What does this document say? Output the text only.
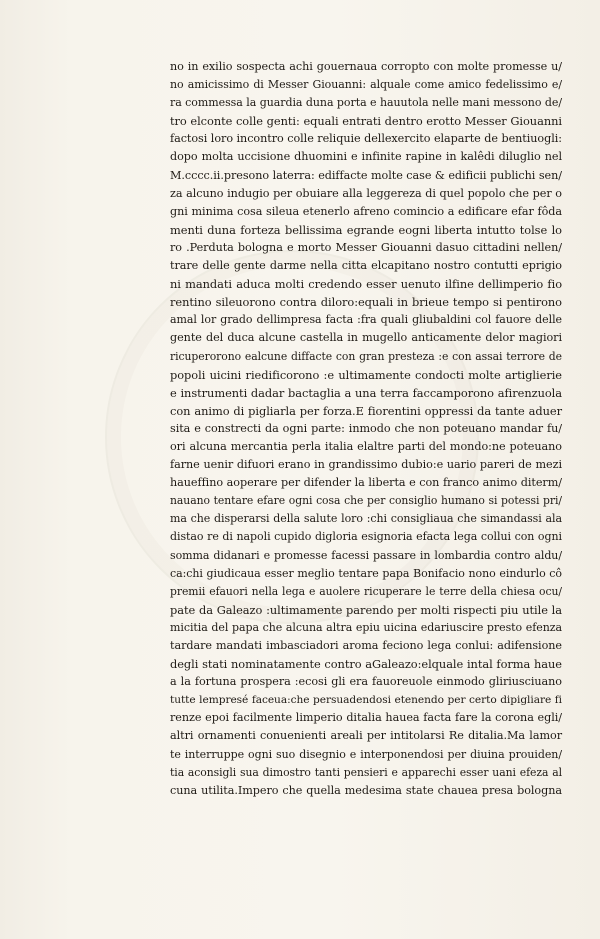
no in exilio sospecta achi gouernaua corropto con molte promesse u/
no amicissimo di Messer Giouanni: alquale come amico fedelissimo e/
ra commessa la guardia duna porta e hauutola nelle mani messono de/
tro elconte colle genti: equali entrati dentro erotto Messer Giouanni
factosi loro incontro colle reliquie dellexercito elaparte de bentiuogli:
dopo molta uccisione dhuomini e infinite rapine in kalêdi diluglio nel
M.cccc.ii.presono laterra: ediffacte molte case & edificii publichi sen/
za alcuno indugio per obuiare alla leggereza di quel popolo che per o
gni minima cosa sileua etenerlo afreno comincio a edificare efar fôda
menti duna forteza bellissima egrande eogni liberta intutto tolse lo
ro .Perduta bologna e morto Messer Giouanni dasuo cittadini nellen/
trare delle gente darme nella citta elcapitano nostro contutti eprigio
ni mandati aduca molti credendo esser uenuto ilfine dellimperio fio
rentino sileuorono contra diloro:equali in brieue tempo si pentirono
amal lor grado dellimpresa facta :fra quali gliubaldini col fauore delle
gente del duca alcune castella in mugello anticamente delor magiori
ricuperorono ealcune diffacte con gran presteza :e con assai terrore de
popoli uicini riedificorono :e ultimamente condocti molte artiglierie
e instrumenti dadar bactaglia a una terra faccamporono afirenzuola
con animo di pigliarla per forza.E fiorentini oppressi da tante aduer
sita e constrecti da ogni parte: inmodo che non poteuano mandar fu/
ori alcuna mercantia perla italia elaltre parti del mondo:ne poteuano
farne uenir difuori erano in grandissimo dubio:e uario pareri de mezi
haueffino aoperare per difender la liberta e con franco animo diterm/
nauano tentare efare ogni cosa che per consiglio humano si potessi pri/
ma che disperarsi della salute loro :chi consigliaua che simandassi ala
distao re di napoli cupido digloria esignoria efacta lega collui con ogni
somma didanari e promesse facessi passare in lombardia contro aldu/
ca:chi giudicaua esser meglio tentare papa Bonifacio nono eindurlo cô
premii efauori nella lega e auolere ricuperare le terre della chiesa ocu/
pate da Galeazo :ultimamente parendo per molti rispecti piu utile la
micitia del papa che alcuna altra epiu uicina edariuscire presto efenza
tardare mandati imbasciadori aroma feciono lega conlui: adifensione
degli stati nominatamente contro aGaleazo:elquale intal forma haue
a la fortuna prospera :ecosi gli era fauoreuole einmodo gliriusciuano
tutte lempresé faceua:che persuadendosi etenendo per certo dipigliare fi
renze epoi facilmente limperio ditalia hauea facta fare la corona egli/
altri ornamenti conuenienti areali per intitolarsi Re ditalia.Ma lamor
te interruppe ogni suo disegnio e interponendosi per diuina prouiden/
tia aconsigli sua dimostro tanti pensieri e apparechi esser uani efeza al
cuna utilita.Impero che quella medesima state chauea presa bologna
